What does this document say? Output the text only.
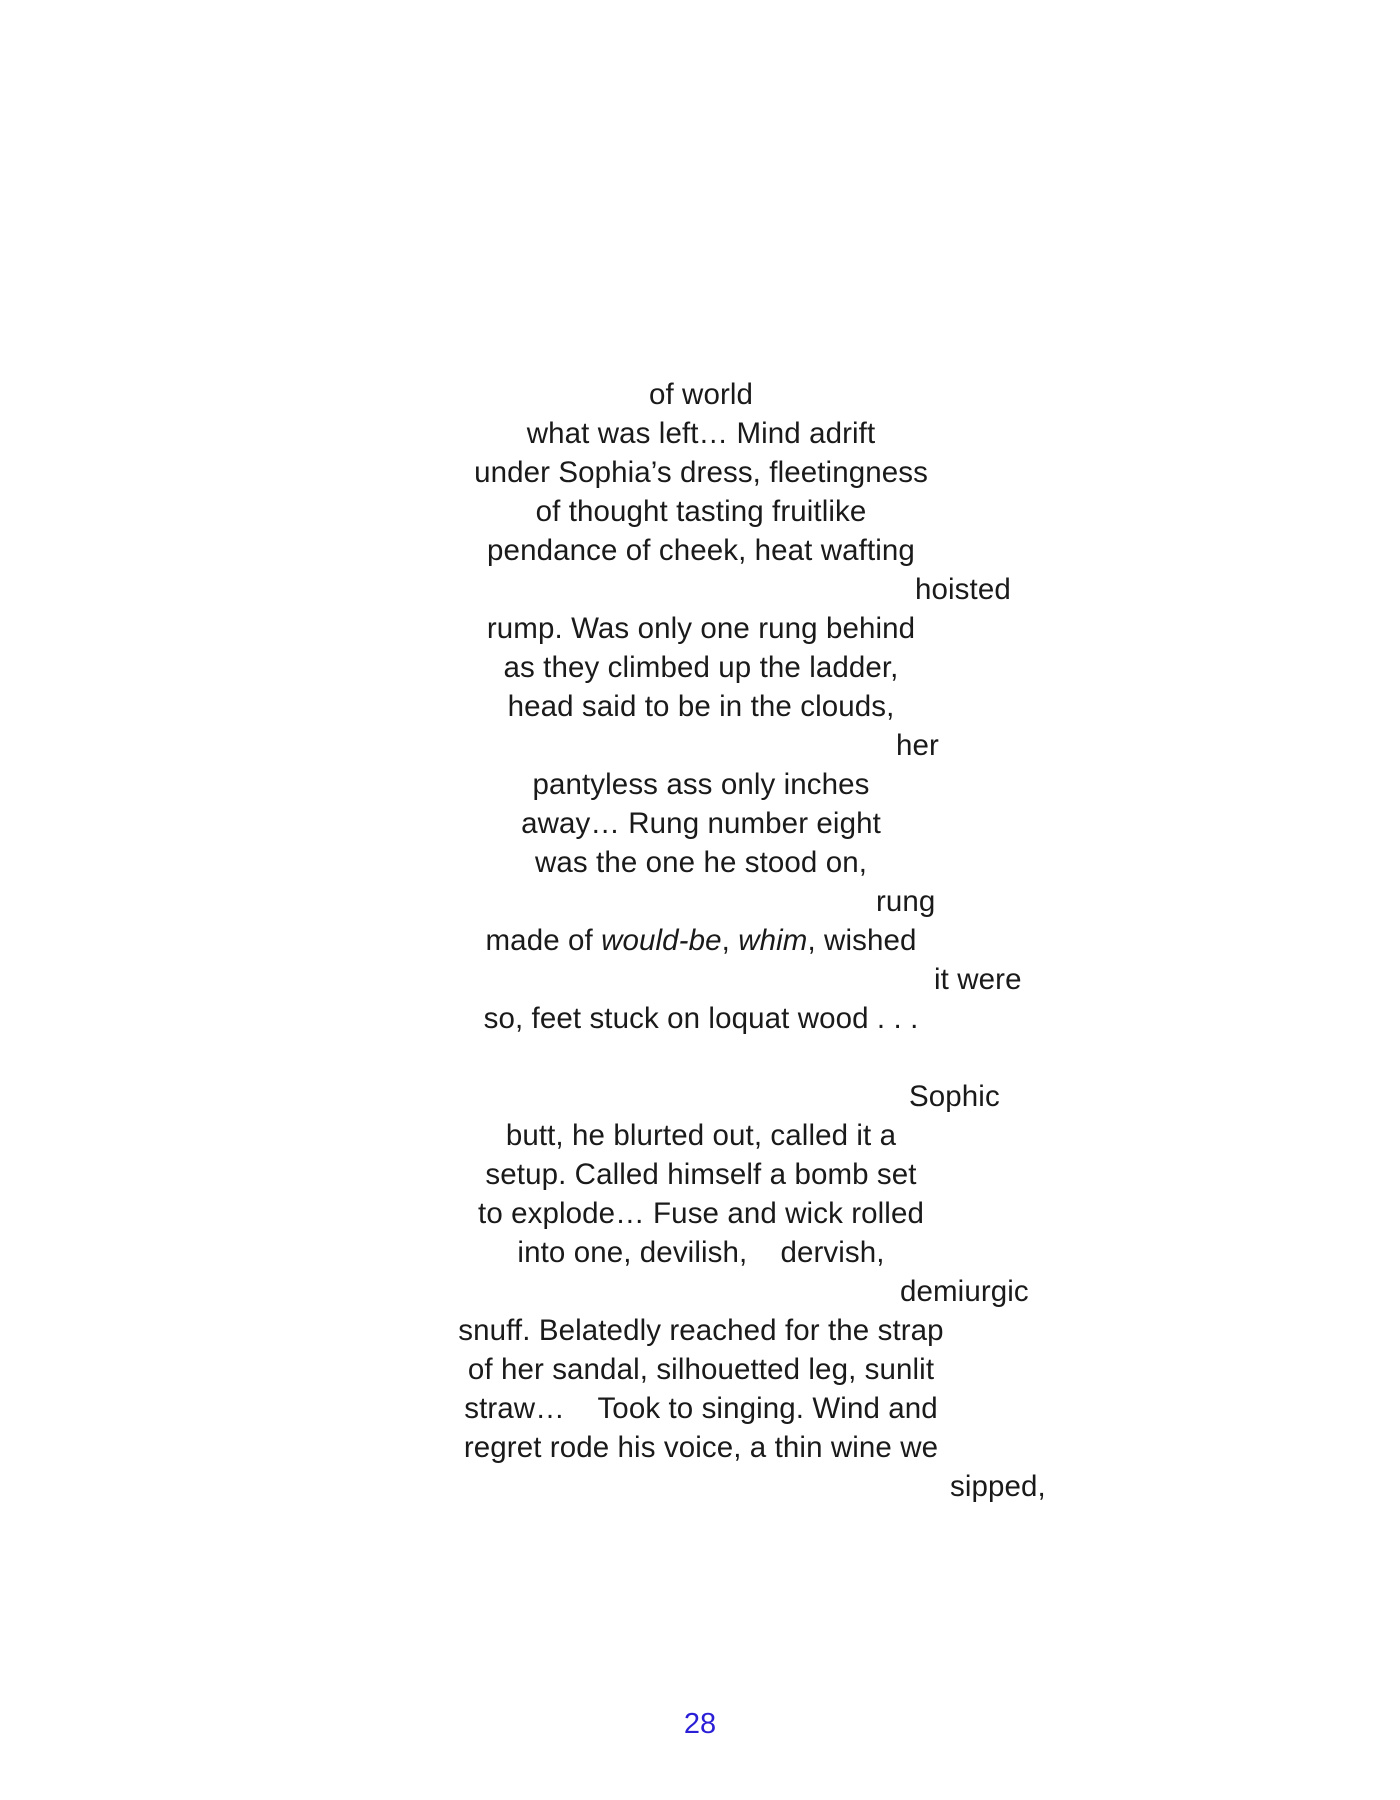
of world
what was left… Mind adrift
under Sophia’s dress, fleetingness
of thought tasting fruitlike
pendance of cheek, heat wafting
hoisted
rump. Was only one rung behind
as they climbed up the ladder,
head said to be in the clouds,
her
pantyless ass only inches
away… Rung number eight
was the one he stood on,
rung
made of would-be, whim, wished
it were
so, feet stuck on loquat wood . . .
Sophic
butt, he blurted out, called it a
setup. Called himself a bomb set
to explode… Fuse and wick rolled
into one, devilish,    dervish,
demiurgic
snuff. Belatedly reached for the strap
of her sandal, silhouetted leg, sunlit
straw…    Took to singing. Wind and
regret rode his voice, a thin wine we
sipped,
28
